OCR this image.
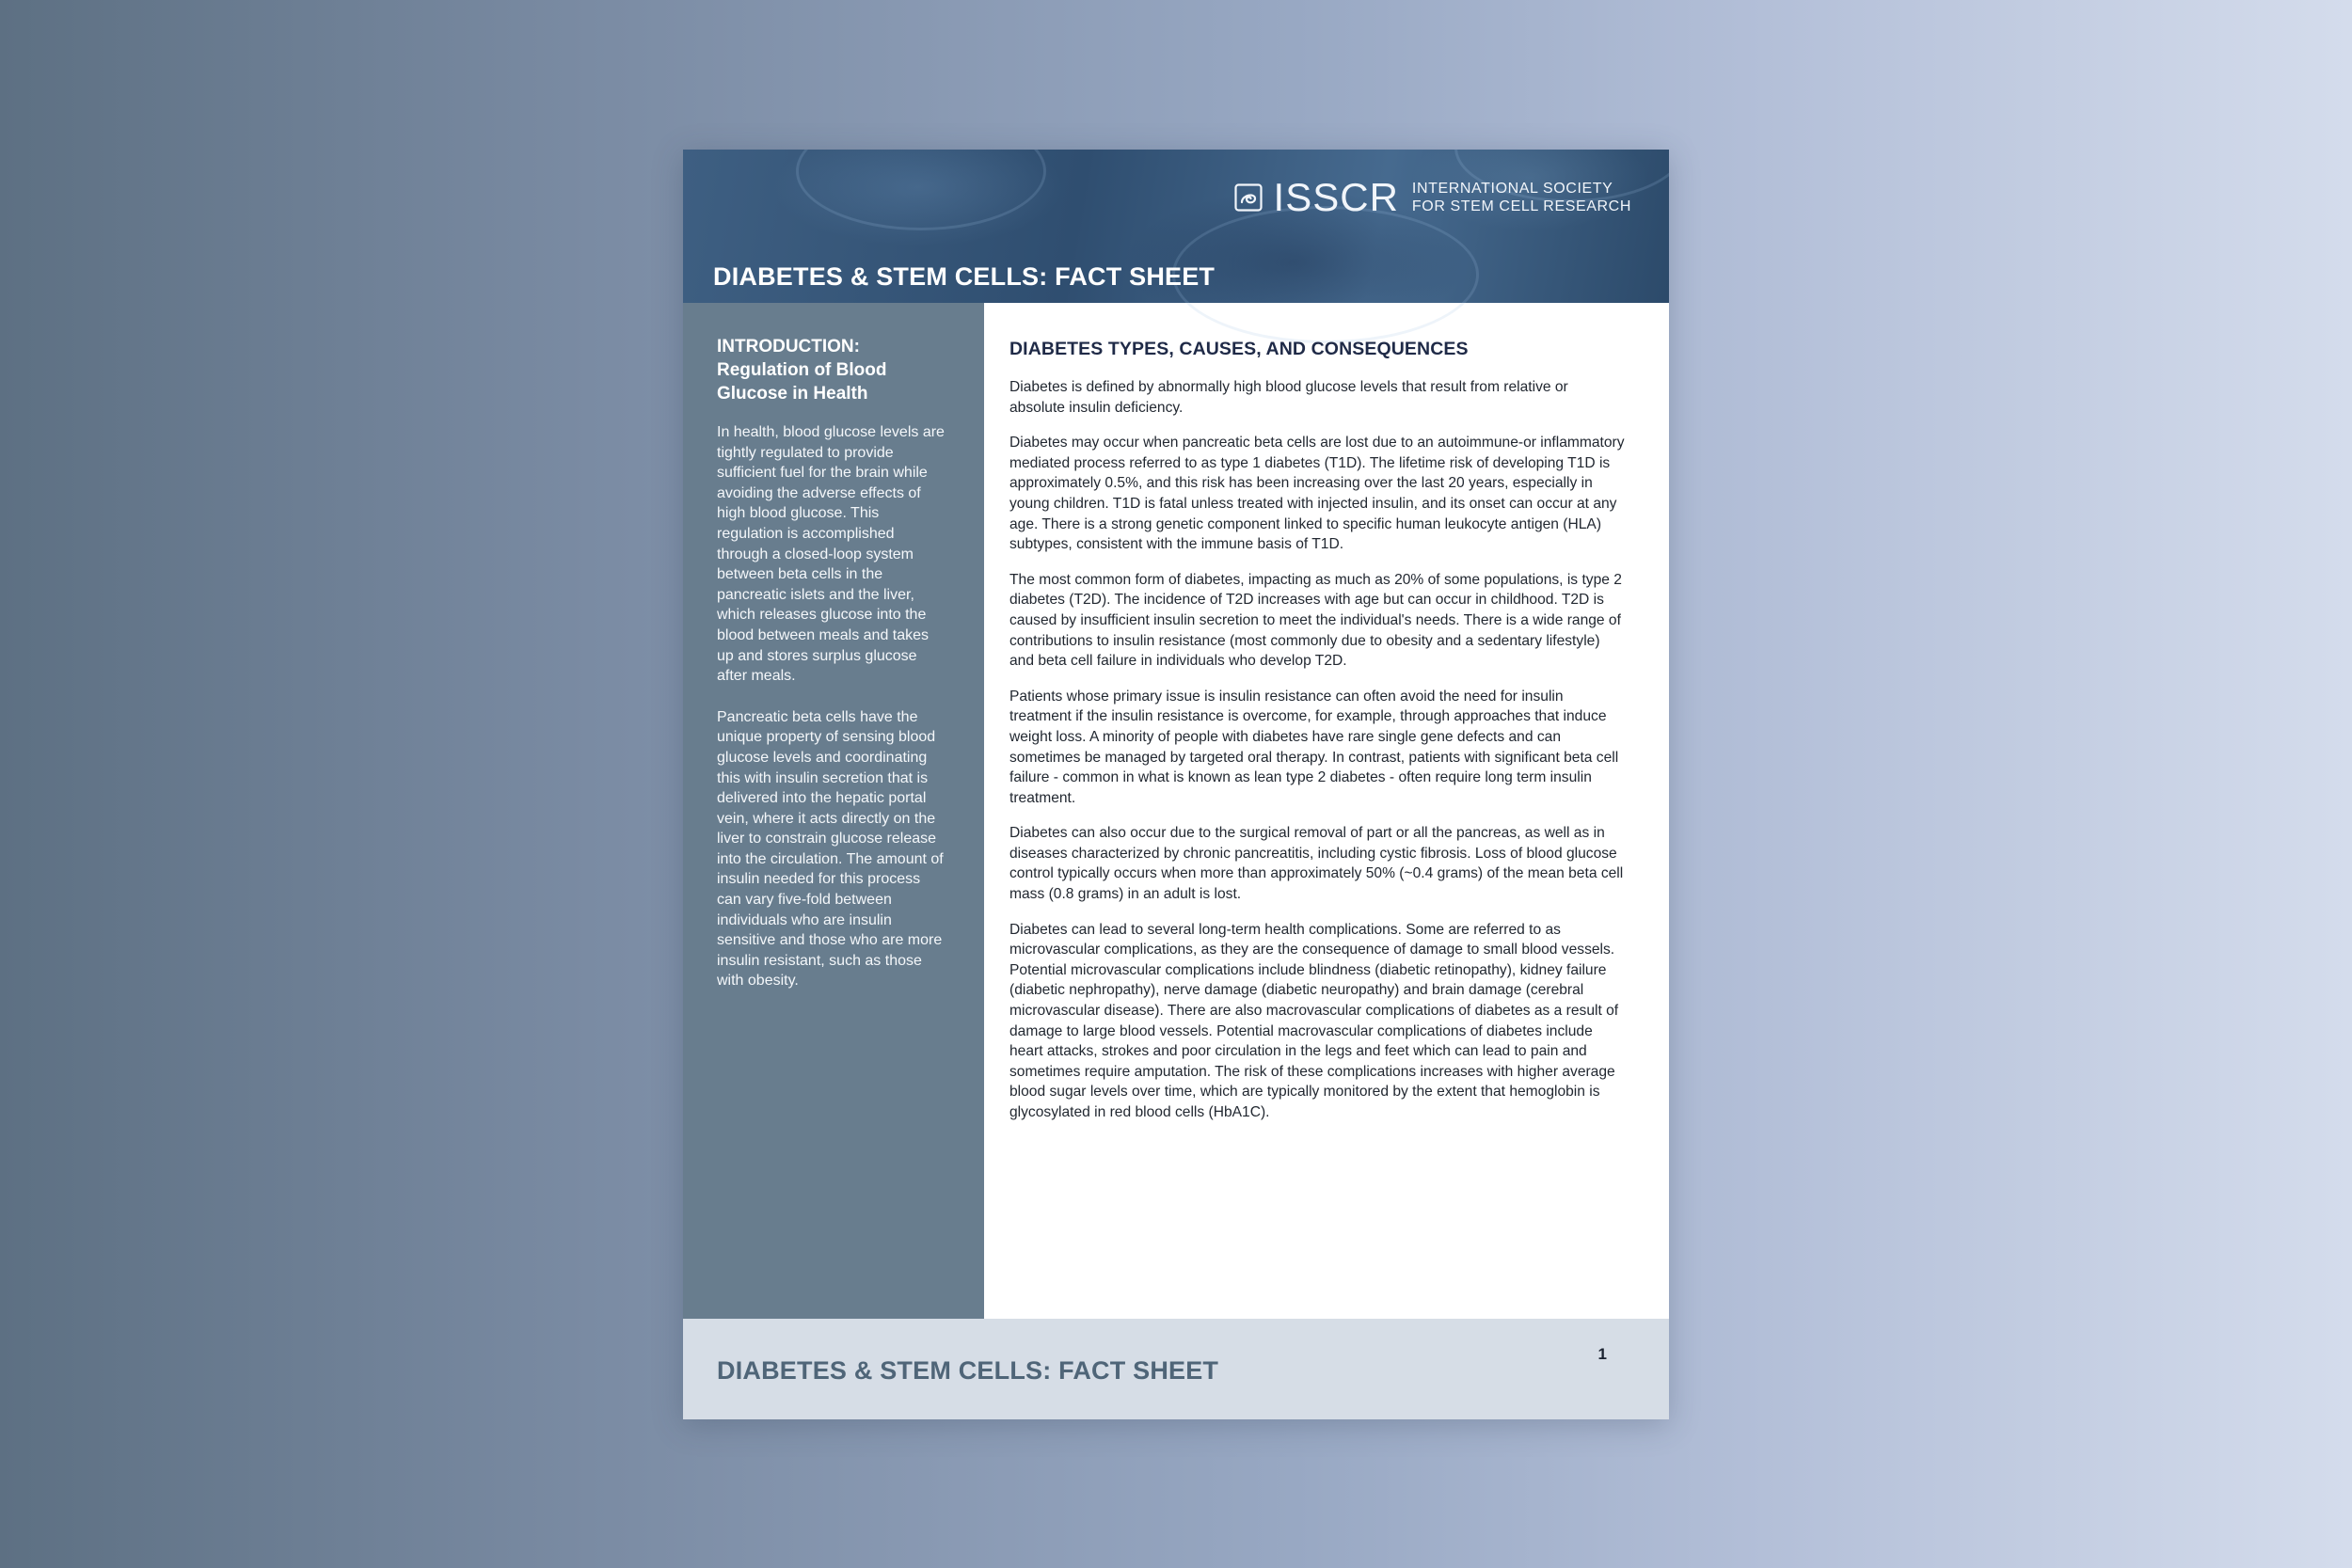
ISSCR INTERNATIONAL SOCIETY
FOR STEM CELL RESEARCH
DIABETES & STEM CELLS: FACT SHEET
INTRODUCTION:
Regulation of Blood
Glucose in Health

In health, blood glucose levels are tightly regulated to provide sufficient fuel for the brain while avoiding the adverse effects of high blood glucose. This regulation is accomplished through a closed-loop system between beta cells in the pancreatic islets and the liver, which releases glucose into the blood between meals and takes up and stores surplus glucose after meals.

Pancreatic beta cells have the unique property of sensing blood glucose levels and coordinating this with insulin secretion that is delivered into the hepatic portal vein, where it acts directly on the liver to constrain glucose release into the circulation. The amount of insulin needed for this process can vary five-fold between individuals who are insulin sensitive and those who are more insulin resistant, such as those with obesity.

DIABETES TYPES, CAUSES, AND CONSEQUENCES

Diabetes is defined by abnormally high blood glucose levels that result from relative or absolute insulin deficiency.

Diabetes may occur when pancreatic beta cells are lost due to an autoimmune-or inflammatory mediated process referred to as type 1 diabetes (T1D). The lifetime risk of developing T1D is approximately 0.5%, and this risk has been increasing over the last 20 years, especially in young children. T1D is fatal unless treated with injected insulin, and its onset can occur at any age. There is a strong genetic component linked to specific human leukocyte antigen (HLA) subtypes, consistent with the immune basis of T1D.

The most common form of diabetes, impacting as much as 20% of some populations, is type 2 diabetes (T2D). The incidence of T2D increases with age but can occur in childhood. T2D is caused by insufficient insulin secretion to meet the individual's needs. There is a wide range of contributions to insulin resistance (most commonly due to obesity and a sedentary lifestyle) and beta cell failure in individuals who develop T2D.

Patients whose primary issue is insulin resistance can often avoid the need for insulin treatment if the insulin resistance is overcome, for example, through approaches that induce weight loss. A minority of people with diabetes have rare single gene defects and can sometimes be managed by targeted oral therapy. In contrast, patients with significant beta cell failure - common in what is known as lean type 2 diabetes - often require long term insulin treatment.

Diabetes can also occur due to the surgical removal of part or all the pancreas, as well as in diseases characterized by chronic pancreatitis, including cystic fibrosis. Loss of blood glucose control typically occurs when more than approximately 50% (~0.4 grams) of the mean beta cell mass (0.8 grams) in an adult is lost.

Diabetes can lead to several long-term health complications. Some are referred to as microvascular complications, as they are the consequence of damage to small blood vessels. Potential microvascular complications include blindness (diabetic retinopathy), kidney failure (diabetic nephropathy), nerve damage (diabetic neuropathy) and brain damage (cerebral microvascular disease). There are also macrovascular complications of diabetes as a result of damage to large blood vessels. Potential macrovascular complications of diabetes include heart attacks, strokes and poor circulation in the legs and feet which can lead to pain and sometimes require amputation. The risk of these complications increases with higher average blood sugar levels over time, which are typically monitored by the extent that hemoglobin is glycosylated in red blood cells (HbA1C).

DIABETES & STEM CELLS: FACT SHEET
1
